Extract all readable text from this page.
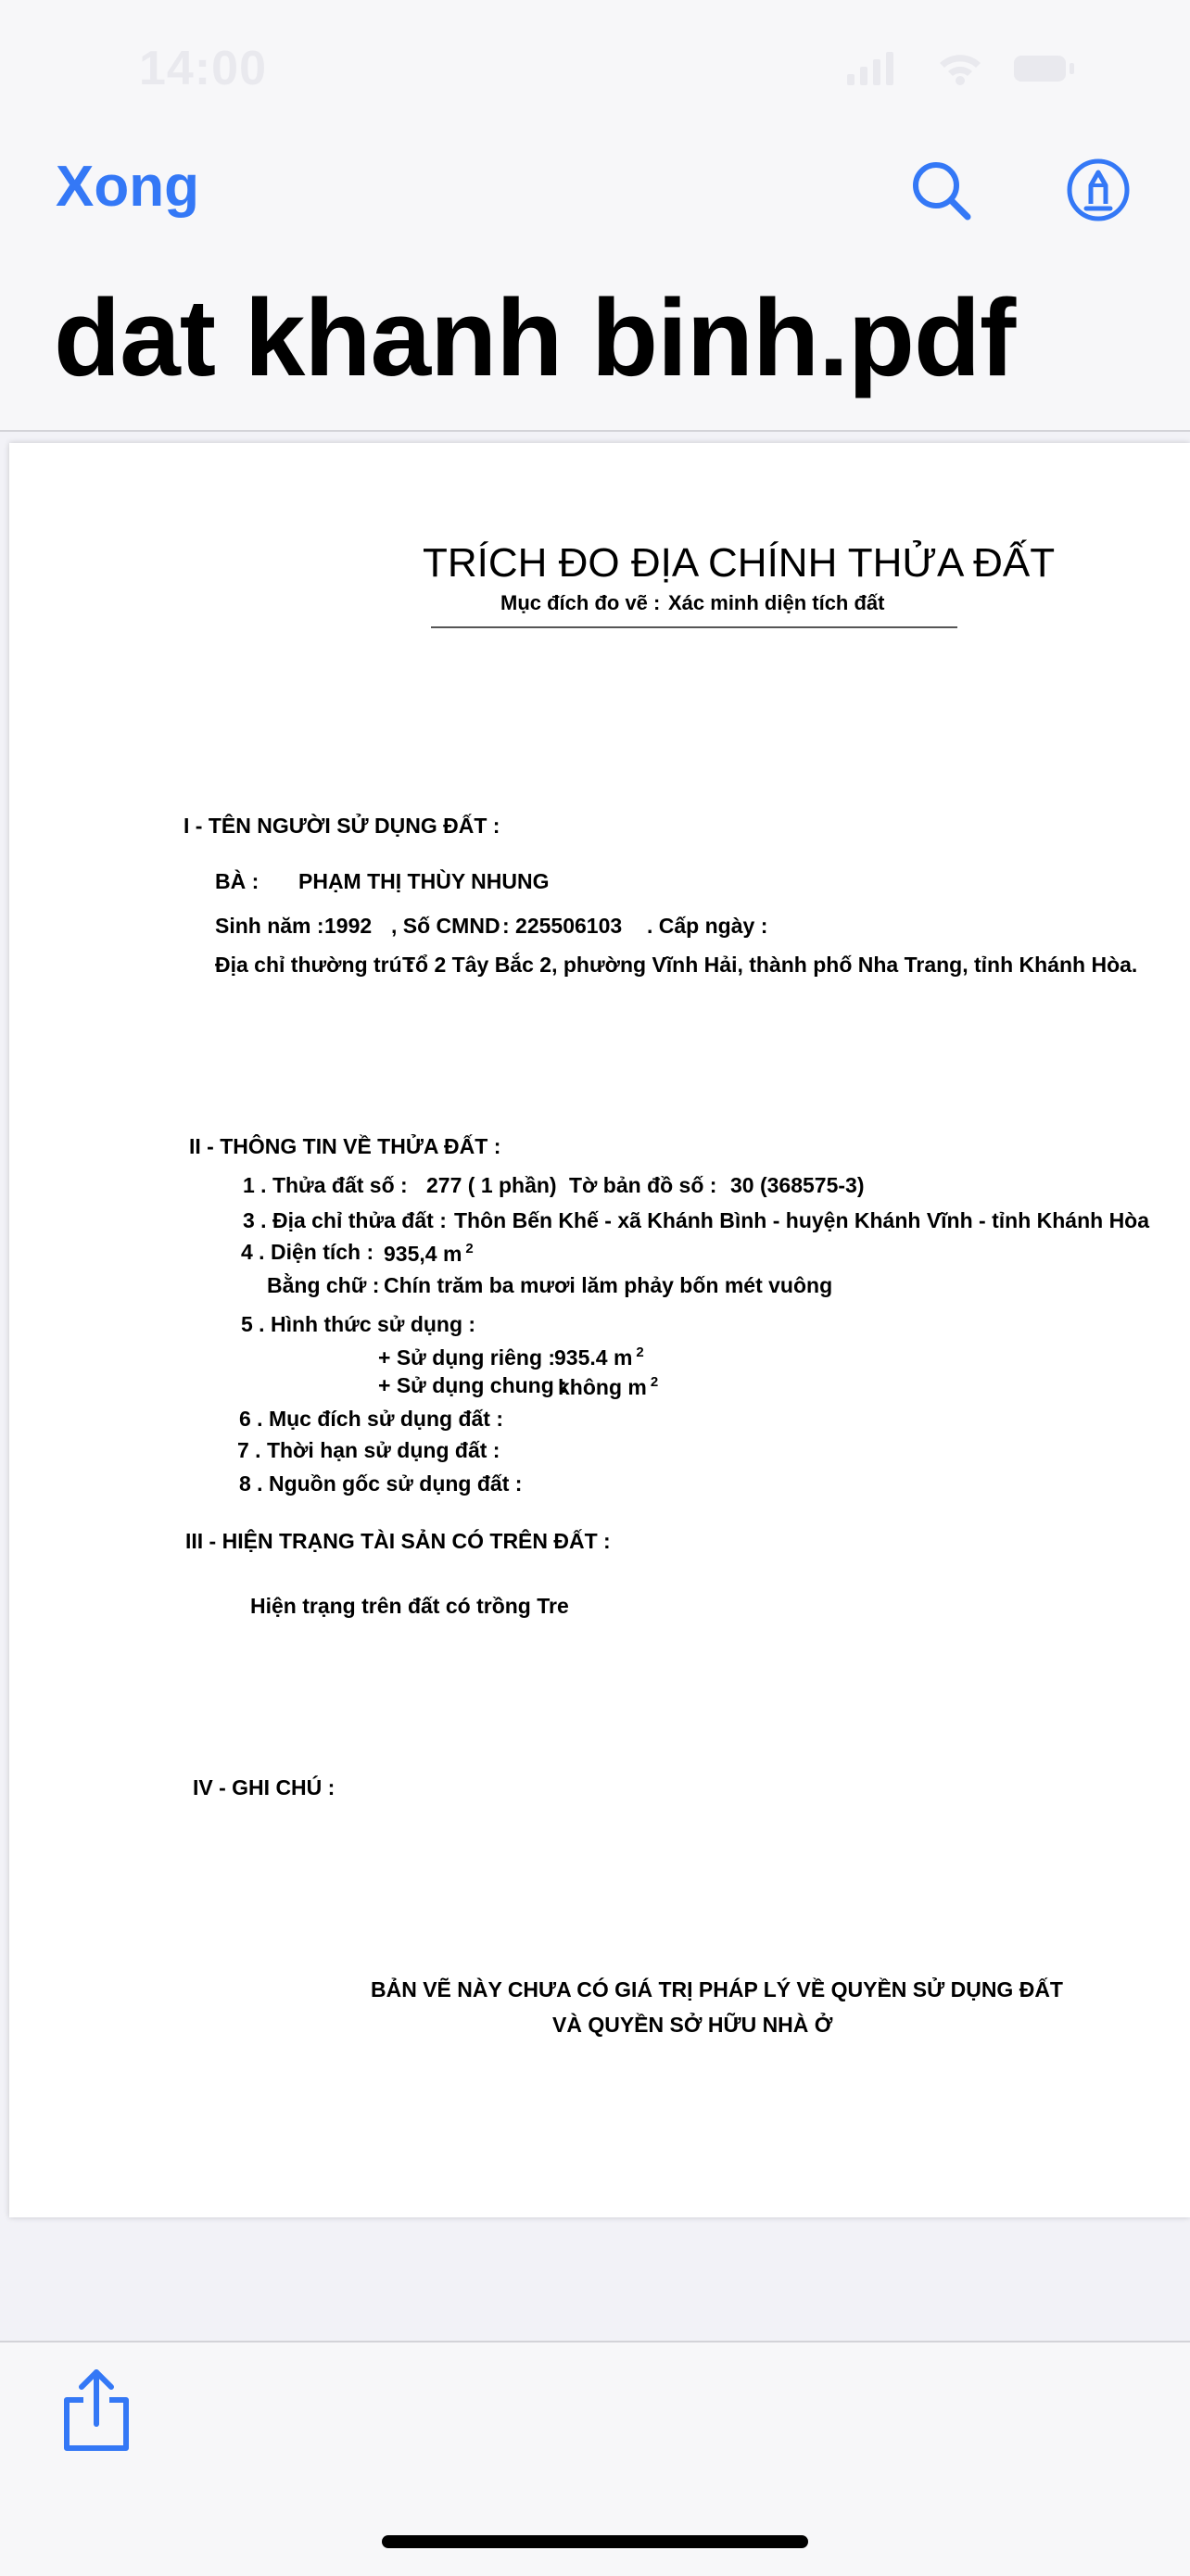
14:00
Xong
dat khanh binh.pdf
TRÍCH ĐO ĐỊA CHÍNH THỬA ĐẤT
Mục đích đo vẽ : Xác minh diện tích đất
I - TÊN NGƯỜI SỬ DỤNG ĐẤT :
BÀ : PHẠM THỊ THÙY NHUNG
Sinh năm : 1992 , Số CMND : 225506103 . Cấp ngày :
Địa chỉ thường trú :
Tổ 2 Tây Bắc 2, phường Vĩnh Hải, thành phố Nha Trang, tỉnh Khánh Hòa.
II - THÔNG TIN VỀ THỬA ĐẤT :
1 . Thửa đất số : 277 ( 1 phần) Tờ bản đồ số : 30 (368575-3)
3 . Địa chỉ thửa đất : Thôn Bến Khế - xã Khánh Bình - huyện Khánh Vĩnh - tỉnh Khánh Hòa
4 . Diện tích : 935,4 m $^2$
Bằng chữ : Chín trăm ba mươi lăm phảy bốn mét vuông
5 . Hình thức sử dụng :
+ Sử dụng riêng :
935.4 m $^2$
+ Sử dụng chung :
không m $^2$
6 . Mục đích sử dụng đất :
7 . Thời hạn sử dụng đất :
8 . Nguồn gốc sử dụng đất :
III - HIỆN TRẠNG TÀI SẢN CÓ TRÊN ĐẤT :
Hiện trạng trên đất có trồng Tre
IV - GHI CHÚ :
BẢN VẼ NÀY CHƯA CÓ GIÁ TRỊ PHÁP LÝ VỀ QUYỀN SỬ DỤNG ĐẤT
VÀ QUYỀN SỞ HỮU NHÀ Ở
